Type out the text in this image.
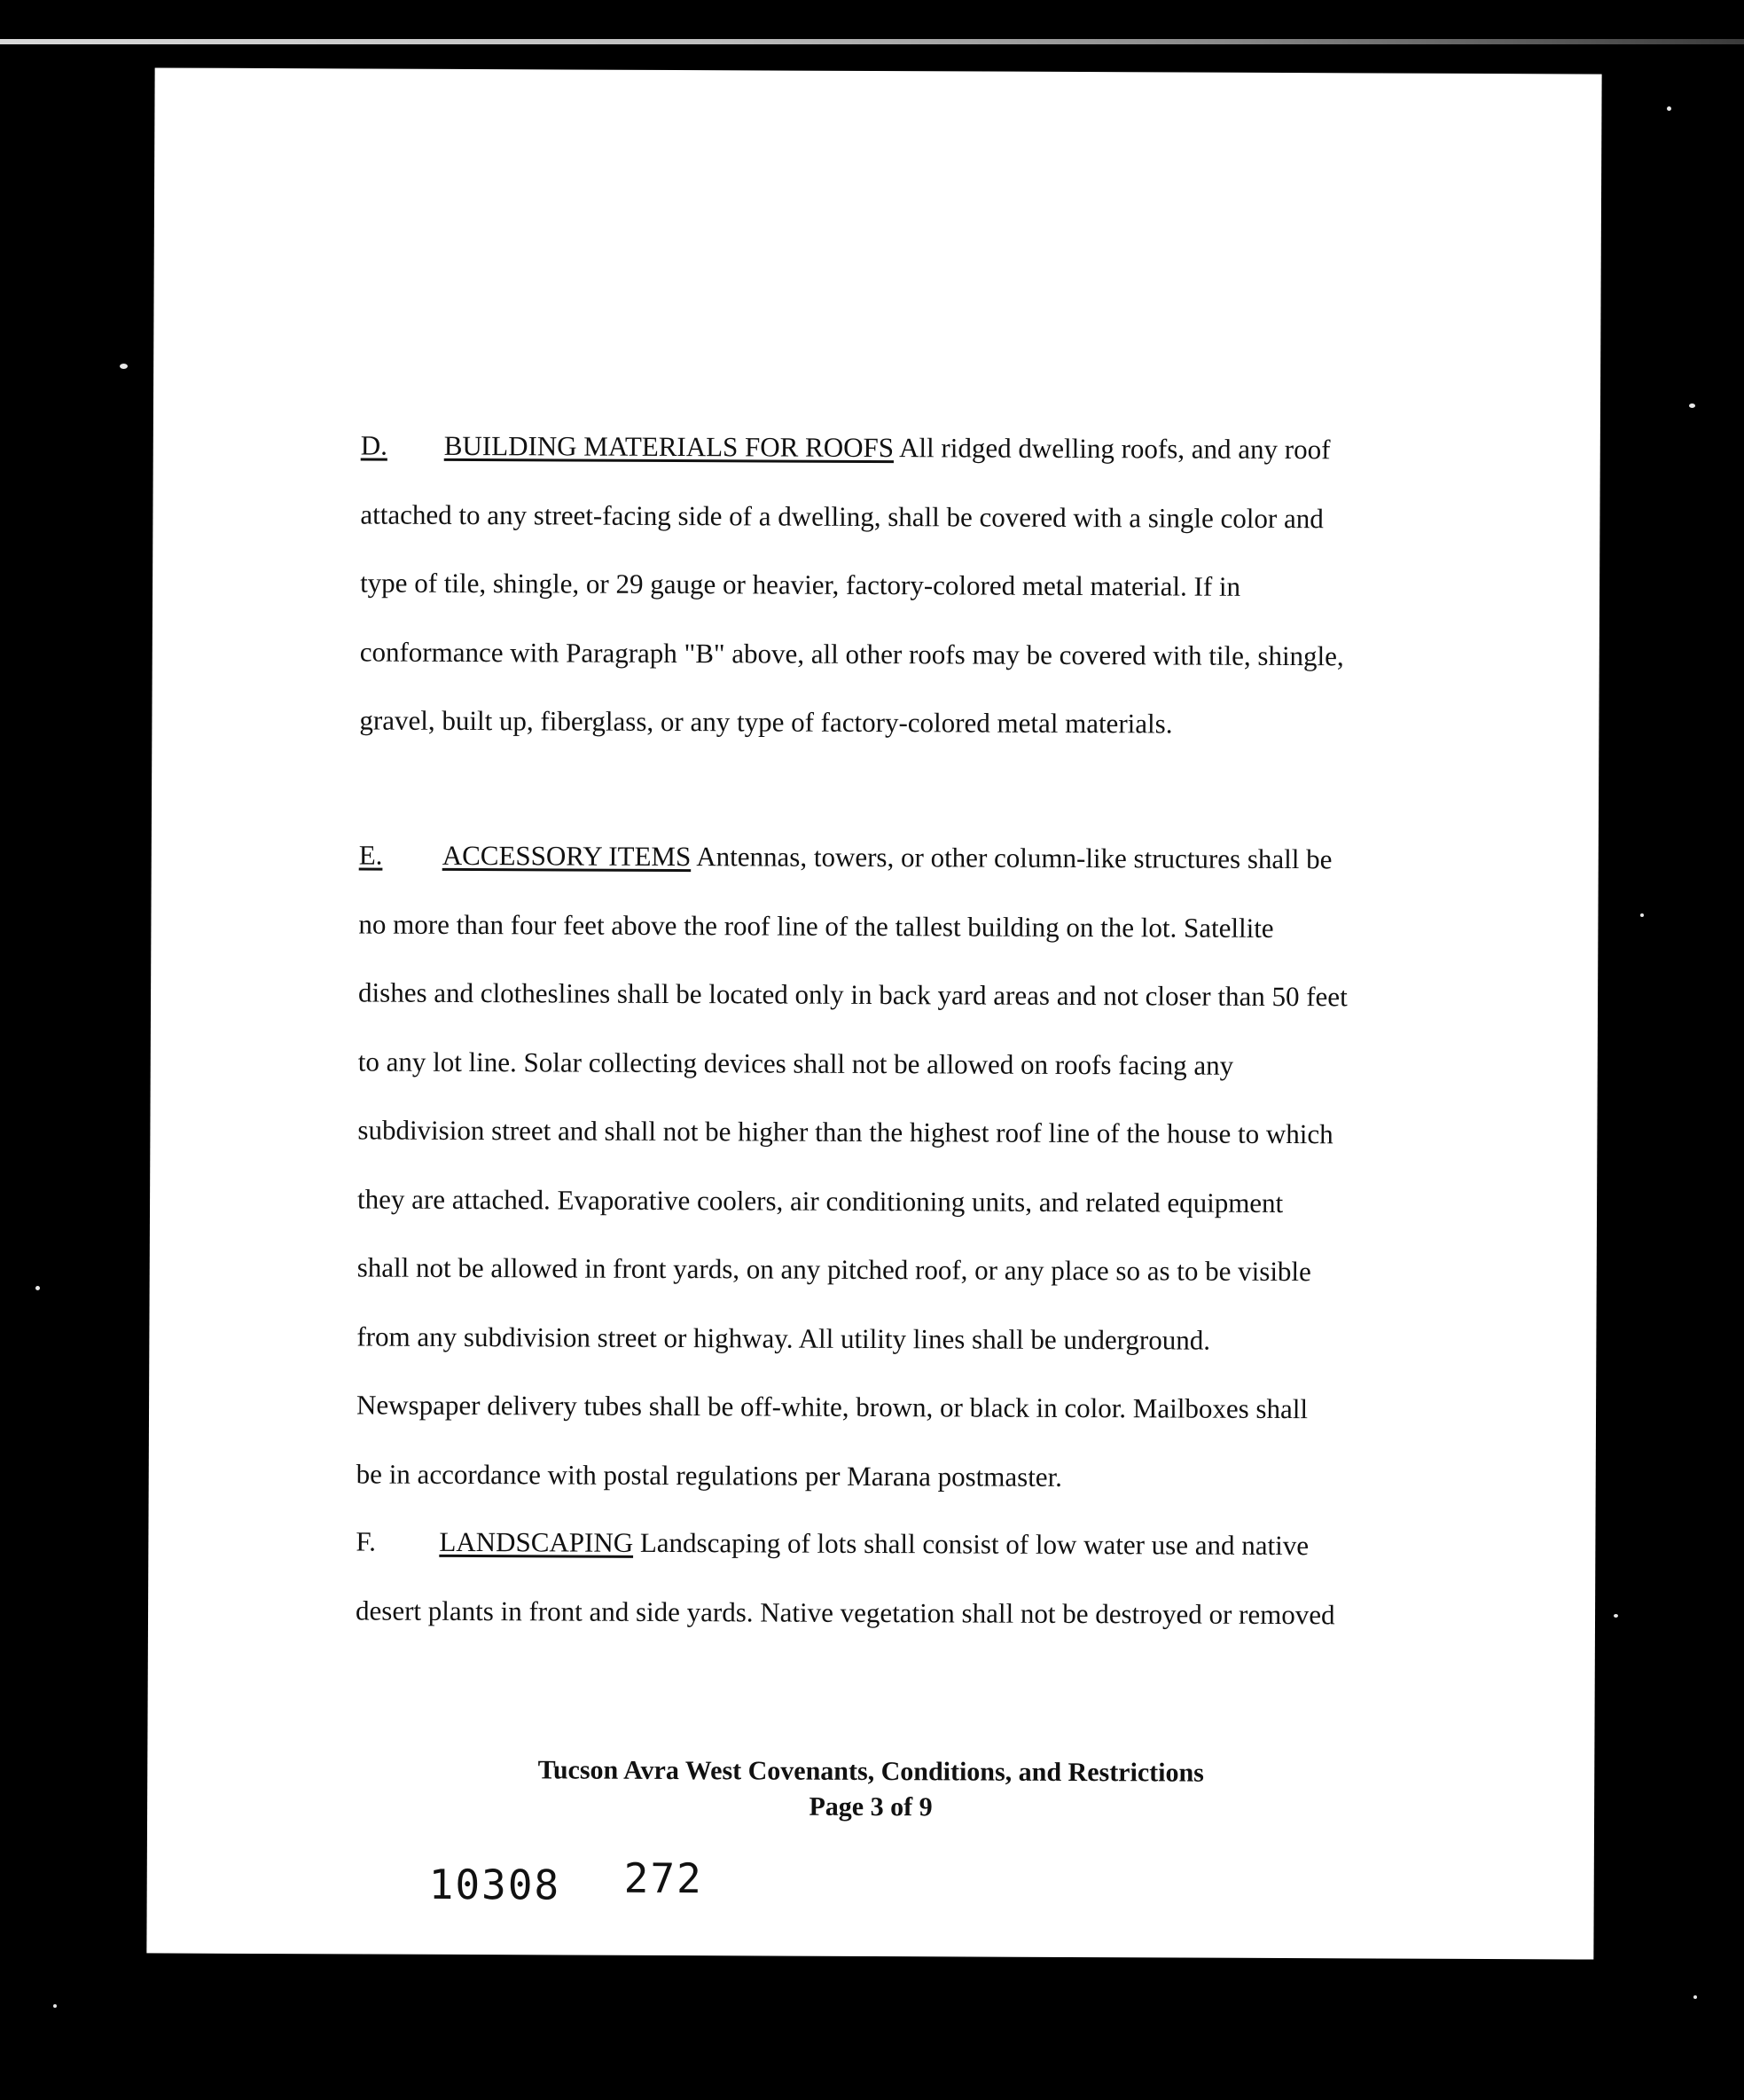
D. BUILDING MATERIALS FOR ROOFS All ridged dwelling roofs, and any roof
attached to any street-facing side of a dwelling, shall be covered with a single color and
type of tile, shingle, or 29 gauge or heavier, factory-colored metal material. If in
conformance with Paragraph "B" above, all other roofs may be covered with tile, shingle,
gravel, built up, fiberglass, or any type of factory-colored metal materials.
E. ACCESSORY ITEMS Antennas, towers, or other column-like structures shall be
no more than four feet above the roof line of the tallest building on the lot. Satellite
dishes and clotheslines shall be located only in back yard areas and not closer than 50 feet
to any lot line. Solar collecting devices shall not be allowed on roofs facing any
subdivision street and shall not be higher than the highest roof line of the house to which
they are attached. Evaporative coolers, air conditioning units, and related equipment
shall not be allowed in front yards, on any pitched roof, or any place so as to be visible
from any subdivision street or highway. All utility lines shall be underground.
Newspaper delivery tubes shall be off-white, brown, or black in color. Mailboxes shall
be in accordance with postal regulations per Marana postmaster.
F. LANDSCAPING Landscaping of lots shall consist of low water use and native
desert plants in front and side yards. Native vegetation shall not be destroyed or removed
Tucson Avra West Covenants, Conditions, and Restrictions
Page 3 of 9
10308 272
